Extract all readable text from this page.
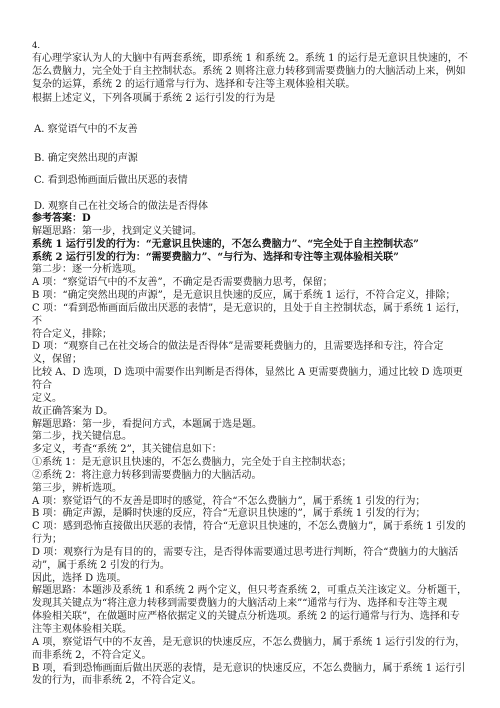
4.
有心理学家认为人的大脑中有两套系统，即系统 1 和系统 2。系统 1 的运行是无意识且快速的，不
怎么费脑力，完全处于自主控制状态。系统 2 则将注意力转移到需要费脑力的大脑活动上来，例如
复杂的运算，系统 2 的运行通常与行为、选择和专注等主观体验相关联。
根据上述定义，下列各项属于系统 2 运行引发的行为是
A. 察觉语气中的不友善
B. 确定突然出现的声源
C. 看到恐怖画面后做出厌恶的表情
D. 观察自己在社交场合的做法是否得体
参考答案：D
解题思路：第一步，找到定义关键词。
系统 1 运行引发的行为：“无意识且快速的，不怎么费脑力”、“完全处于自主控制状态”
系统 2 运行引发的行为：“需要费脑力”、“与行为、选择和专注等主观体验相关联”
第二步：逐一分析选项。
A 项：“察觉语气中的不友善”，不确定是否需要费脑力思考，保留；
B 项：“确定突然出现的声源”，是无意识且快速的反应，属于系统 1 运行，不符合定义，排除；
C 项：“看到恐怖画面后做出厌恶的表情”，是无意识的，且处于自主控制状态，属于系统 1 运行，不
符合定义，排除；
D 项：“观察自己在社交场合的做法是否得体”是需要耗费脑力的，且需要选择和专注，符合定
义，保留；
比较 A、D 选项，D 选项中需要作出判断是否得体，显然比 A 更需要费脑力，通过比较 D 选项更符合
定义。
故正确答案为 D。
解题思路：第一步，看提问方式，本题属于选是题。
第二步，找关键信息。
多定义，考查“系统 2”，其关键信息如下：
①系统 1：是无意识且快速的，不怎么费脑力，完全处于自主控制状态；
②系统 2：将注意力转移到需要费脑力的大脑活动。
第三步，辨析选项。
A 项：察觉语气的不友善是即时的感觉，符合“不怎么费脑力”，属于系统 1 引发的行为；
B 项：确定声源，是瞬时快速的反应，符合“无意识且快速的”，属于系统 1 引发的行为；
C 项：感到恐怖直接做出厌恶的表情，符合“无意识且快速的，不怎么费脑力”，属于系统 1 引发的
行为；
D 项：观察行为是有目的的，需要专注，是否得体需要通过思考进行判断，符合“费脑力的大脑活
动”，属于系统 2 引发的行为。
因此，选择 D 选项。
解题思路：本题涉及系统 1 和系统 2 两个定义，但只考查系统 2，可重点关注该定义。分析题干，
发现其关键点为“将注意力转移到需要费脑力的大脑活动上来”“通常与行为、选择和专注等主观
体验相关联”，在做题时应严格依据定义的关键点分析选项。系统 2 的运行通常与行为、选择和专
注等主观体验相关联。
A 项，察觉语气中的不友善，是无意识的快速反应，不怎么费脑力，属于系统 1 运行引发的行为，
而非系统 2，不符合定义。
B 项，看到恐怖画面后做出厌恶的表情，是无意识的快速反应，不怎么费脑力，属于系统 1 运行引
发的行为，而非系统 2，不符合定义。
